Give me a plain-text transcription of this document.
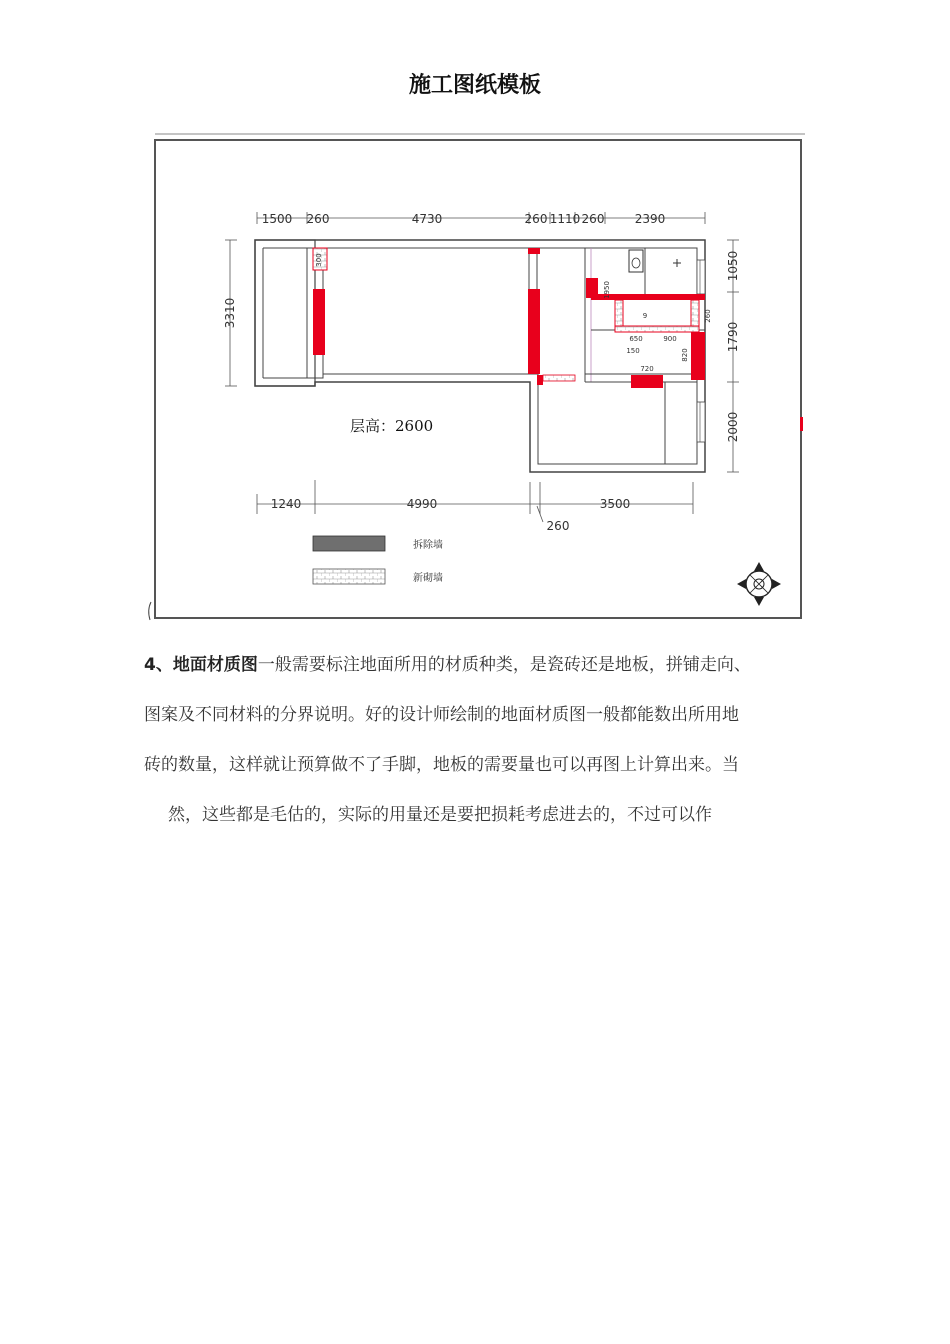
施工图纸模板
1500 260	4730	260 1110 260	2390
1240	4990	3500
260
3310
1050
1790
2000
1950
650	900
150
720
820
300
260
9
层高：2600
拆除墙
新砌墙

4、地面材质图一般需要标注地面所用的材质种类，是瓷砖还是地板，拼铺走向、

图案及不同材料的分界说明。好的设计师绘制的地面材质图一般都能数出所用地

砖的数量，这样就让预算做不了手脚，地板的需要量也可以再图上计算出来。当

然，这些都是毛估的，实际的用量还是要把损耗考虑进去的，不过可以作
